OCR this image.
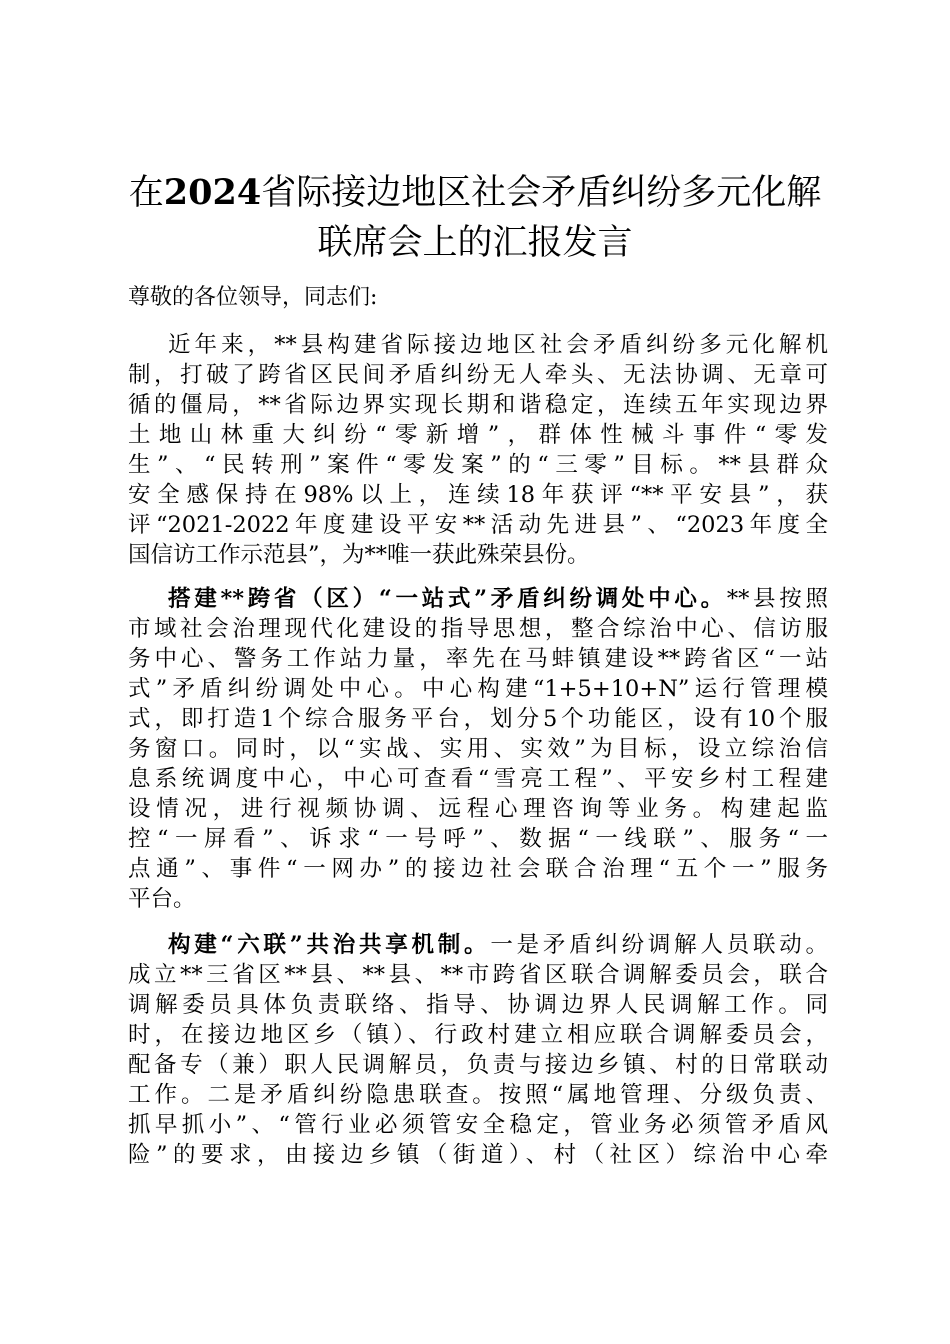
在2024省际接边地区社会矛盾纠纷多元化解
联席会上的汇报发言

尊敬的各位领导，同志们:

近年来，**县构建省际接边地区社会矛盾纠纷多元化解机
制，打破了跨省区民间矛盾纠纷无人牵头、无法协调、无章可
循的僵局，**省际边界实现长期和谐稳定，连续五年实现边界
土地山林重大纠纷“零新增”，群体性械斗事件“零发
生”、“民转刑”案件“零发案”的“三零”目标。**县群众
安全感保持在98%以上，连续18年获评“**平安县”，获
评“2021-2022年度建设平安**活动先进县”、“2023年度全
国信访工作示范县”，为**唯一获此殊荣县份。
搭建**跨省（区）“一站式”矛盾纠纷调处中心。**县按照
市域社会治理现代化建设的指导思想，整合综治中心、信访服
务中心、警务工作站力量，率先在马蚌镇建设**跨省区“一站
式”矛盾纠纷调处中心。中心构建“1+5+10+N”运行管理模
式，即打造1个综合服务平台，划分5个功能区，设有10个服
务窗口。同时，以“实战、实用、实效”为目标，设立综治信
息系统调度中心，中心可查看“雪亮工程”、平安乡村工程建
设情况，进行视频协调、远程心理咨询等业务。构建起监
控“一屏看”、诉求“一号呼”、数据“一线联”、服务“一
点通”、事件“一网办”的接边社会联合治理“五个一”服务
平台。
构建“六联”共治共享机制。一是矛盾纠纷调解人员联动。
成立**三省区**县、**县、**市跨省区联合调解委员会，联合
调解委员具体负责联络、指导、协调边界人民调解工作。同
时，在接边地区乡（镇）、行政村建立相应联合调解委员会，
配备专（兼）职人民调解员，负责与接边乡镇、村的日常联动
工作。二是矛盾纠纷隐患联查。按照“属地管理、分级负责、
抓早抓小”、“管行业必须管安全稳定，管业务必须管矛盾风
险”的要求，由接边乡镇（街道）、村（社区）综治中心牵
